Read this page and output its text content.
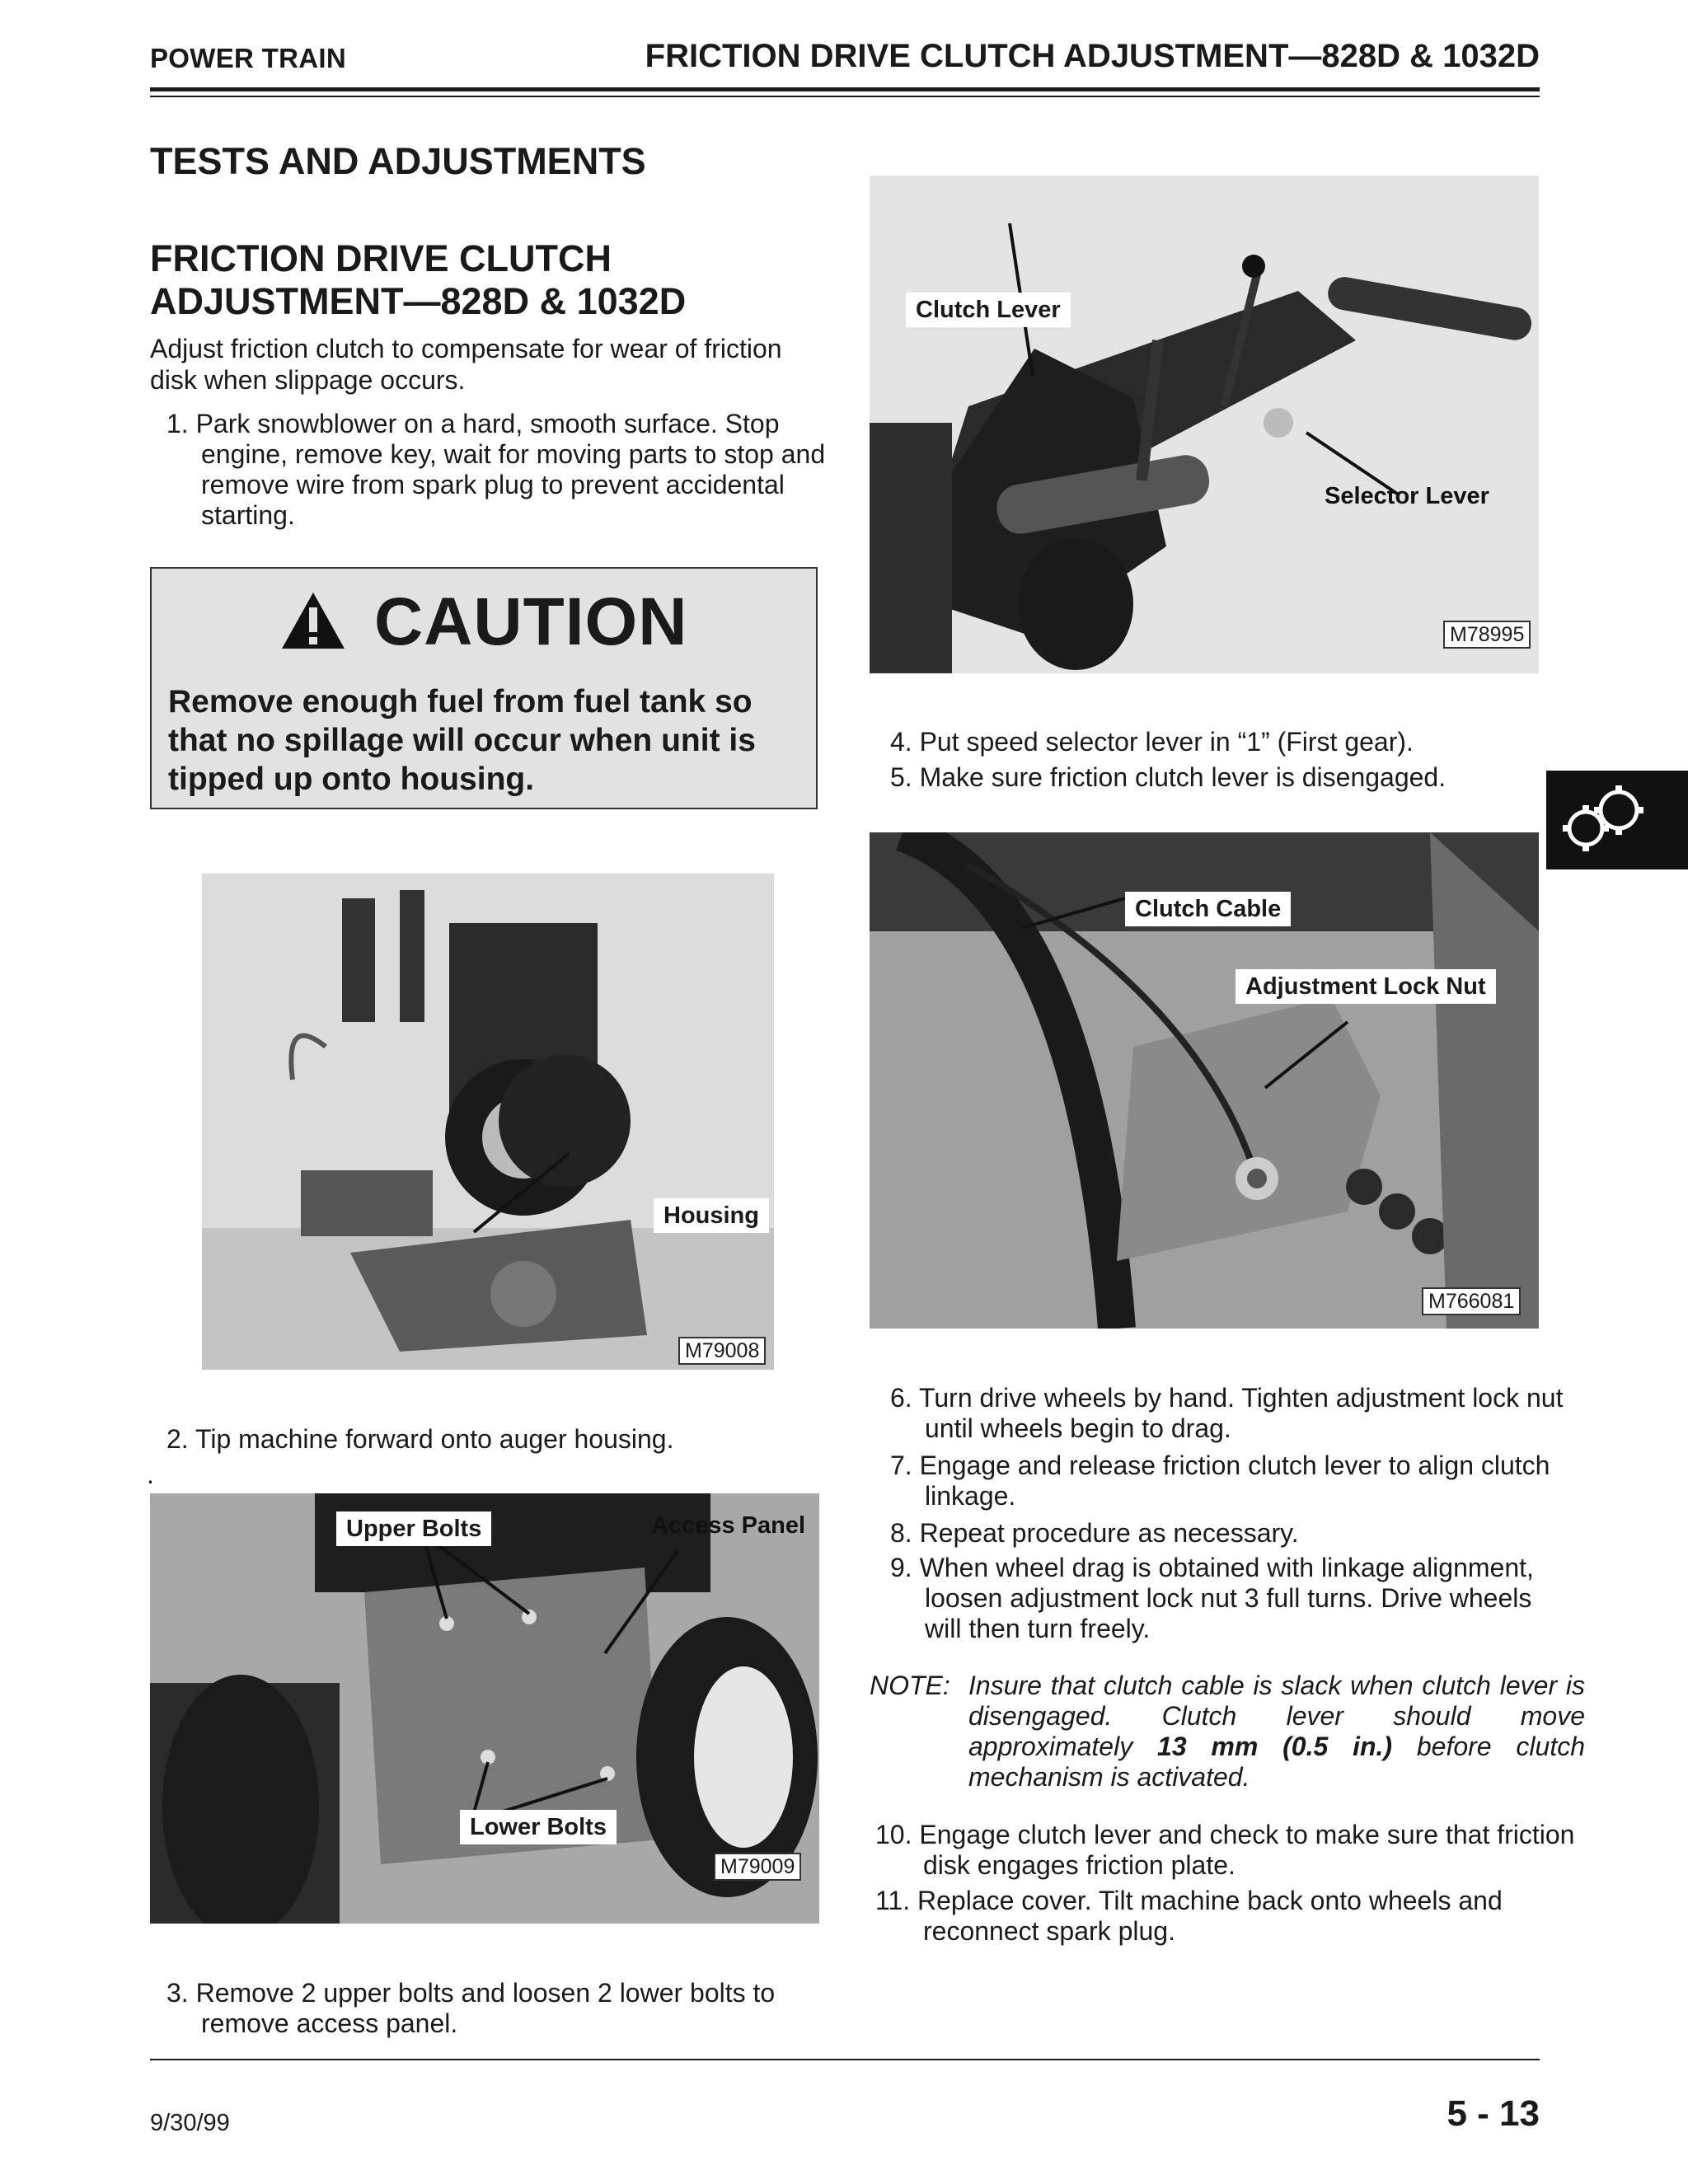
POWER TRAIN	FRICTION DRIVE CLUTCH ADJUSTMENT—828D & 1032D
TESTS AND ADJUSTMENTS
FRICTION DRIVE CLUTCH
ADJUSTMENT—828D & 1032D
Adjust friction clutch to compensate for wear of friction
disk when slippage occurs.
1. Park snowblower on a hard, smooth surface. Stop engine, remove key, wait for moving parts to stop and remove wire from spark plug to prevent accidental starting.
CAUTION
Remove enough fuel from fuel tank so that no spillage will occur when unit is tipped up onto housing.
Housing
M79008
2. Tip machine forward onto auger housing.
.
Upper Bolts	Access Panel
Lower Bolts
M79009
3. Remove 2 upper bolts and loosen 2 lower bolts to remove access panel.
Clutch Lever
Selector Lever
M78995
4. Put speed selector lever in “1” (First gear).
5. Make sure friction clutch lever is disengaged.
Clutch Cable
Adjustment Lock Nut
M766081
6. Turn drive wheels by hand. Tighten adjustment lock nut until wheels begin to drag.
7. Engage and release friction clutch lever to align clutch linkage.
8. Repeat procedure as necessary.
9. When wheel drag is obtained with linkage alignment, loosen adjustment lock nut 3 full turns. Drive wheels will then turn freely.
NOTE: Insure that clutch cable is slack when clutch lever is disengaged. Clutch lever should move approximately 13 mm (0.5 in.) before clutch mechanism is activated.
10. Engage clutch lever and check to make sure that friction disk engages friction plate.
11. Replace cover. Tilt machine back onto wheels and reconnect spark plug.
9/30/99	5 - 13
